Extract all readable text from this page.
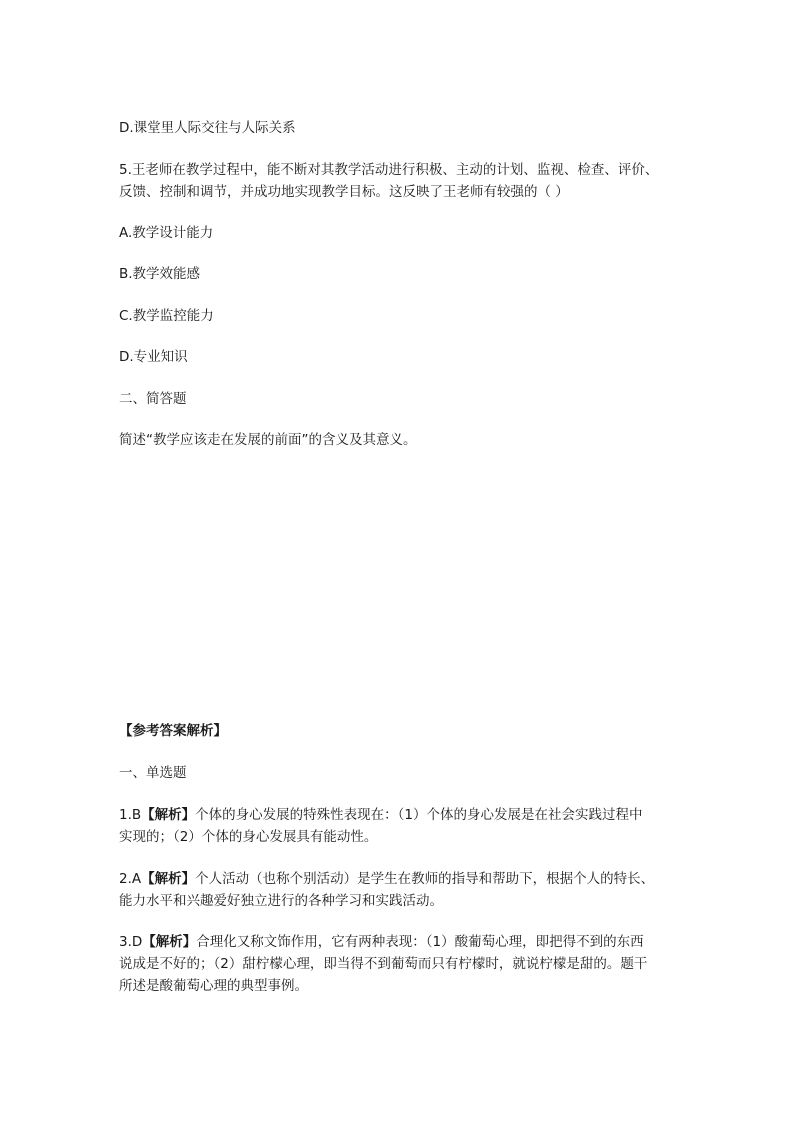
D.课堂里人际交往与人际关系

5.王老师在教学过程中，能不断对其教学活动进行积极、主动的计划、监视、检查、评价、

反馈、控制和调节，并成功地实现教学目标。这反映了王老师有较强的（ ）

A.教学设计能力

B.教学效能感

C.教学监控能力

D.专业知识

二、简答题

简述“教学应该走在发展的前面”的含义及其意义。

【参考答案解析】

一、单选题

1.B【解析】个体的身心发展的特殊性表现在：（1）个体的身心发展是在社会实践过程中

实现的；（2）个体的身心发展具有能动性。

2.A【解析】个人活动（也称个别活动）是学生在教师的指导和帮助下，根据个人的特长、

能力水平和兴趣爱好独立进行的各种学习和实践活动。

3.D【解析】合理化又称文饰作用，它有两种表现：（1）酸葡萄心理，即把得不到的东西

说成是不好的；（2）甜柠檬心理，即当得不到葡萄而只有柠檬时，就说柠檬是甜的。题干

所述是酸葡萄心理的典型事例。
